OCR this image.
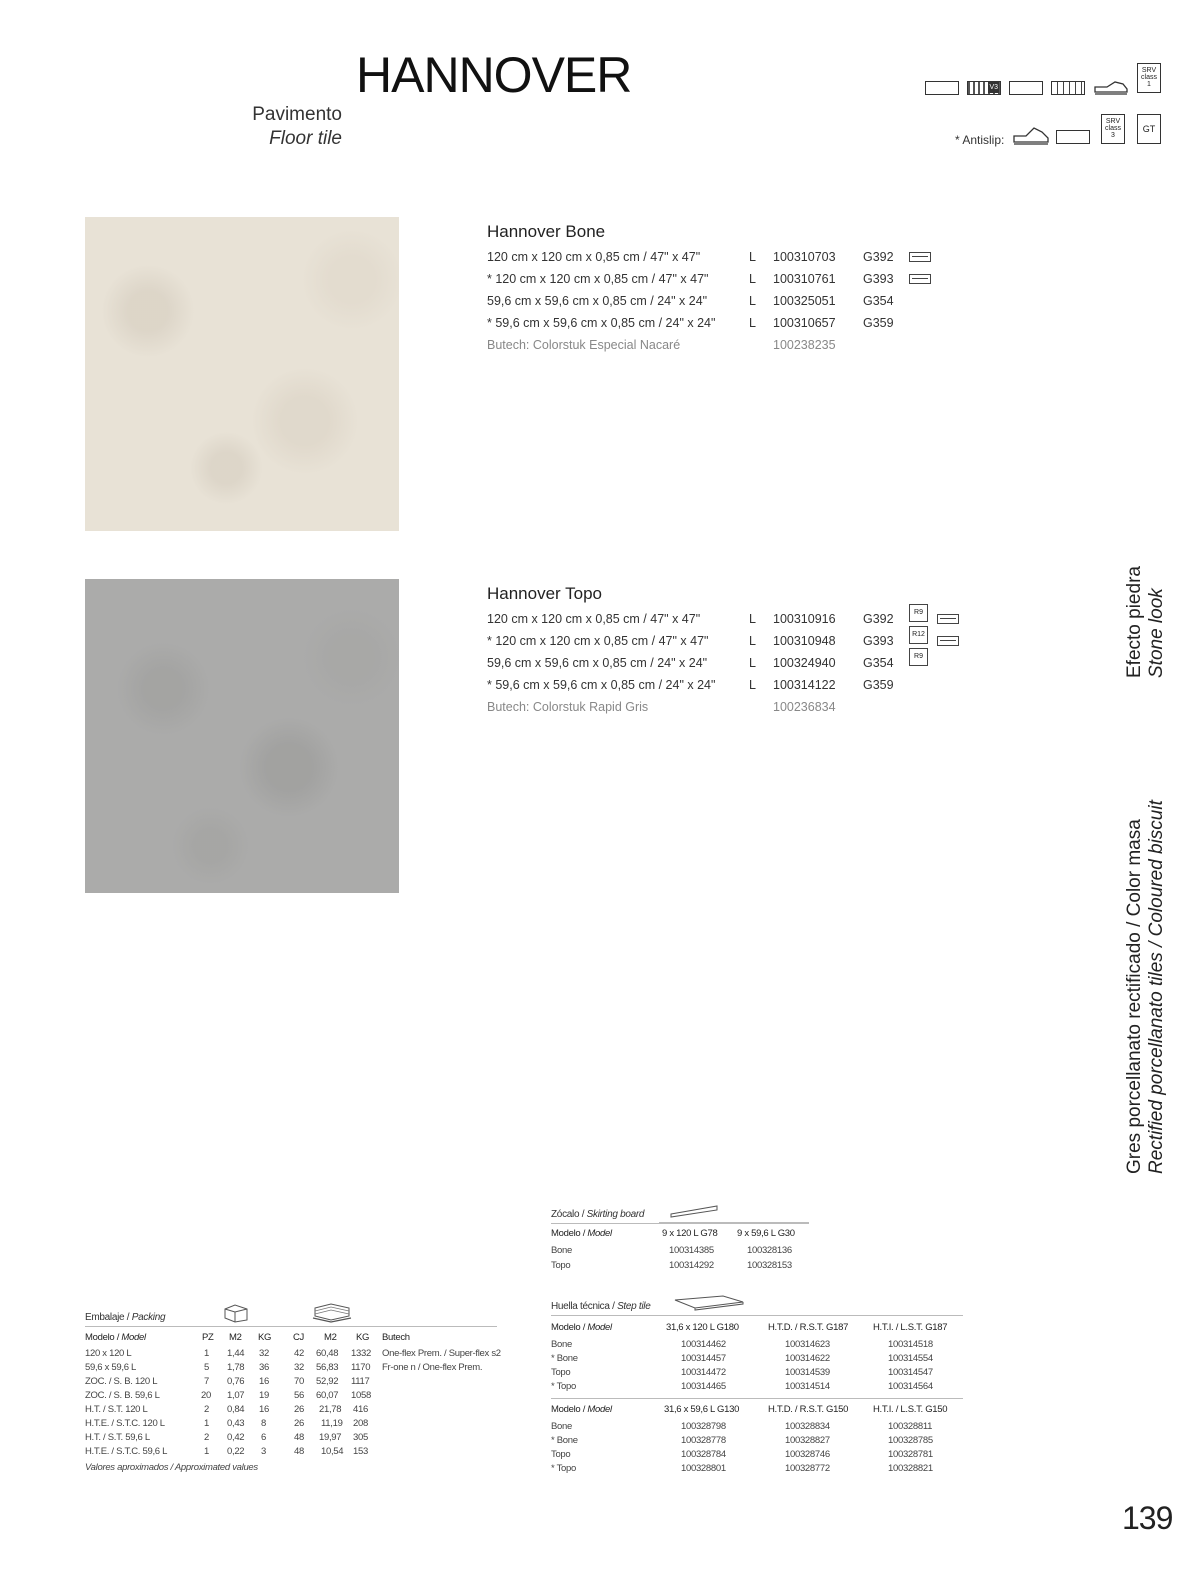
HANNOVER
Pavimento
Floor tile
V3
SRV
class
1
* Antislip:
SRV
class
3
GT
Hannover Bone
120 cm x 120 cm x 0,85 cm / 47" x 47"	L 100310703 G392
* 120 cm x 120 cm x 0,85 cm / 47" x 47"	L 100310761 G393
59,6 cm x 59,6 cm x 0,85 cm / 24" x 24"	L 100325051 G354
* 59,6 cm x 59,6 cm x 0,85 cm / 24" x 24"	L 100310657 G359
Butech: Colorstuk Especial Nacaré	100238235
Hannover Topo
120 cm x 120 cm x 0,85 cm / 47" x 47"	L 100310916 G392
* 120 cm x 120 cm x 0,85 cm / 47" x 47"	L 100310948 G393
59,6 cm x 59,6 cm x 0,85 cm / 24" x 24"	L 100324940 G354
* 59,6 cm x 59,6 cm x 0,85 cm / 24" x 24"	L 100314122 G359
Butech: Colorstuk Rapid Gris	100236834
R9
R12
R9	Efecto piedra Stone look
Gres porcellanato rectificado / Color masa Rectified porcellanato tiles / Coloured biscuit
Zócalo / Skirting board
Modelo / Model	9 x 120 L G78 9 x 59,6 L G30
Bone	100314385	100328136
Topo	100314292	100328153
Embalaje / Packing
Modelo / Model	PZ M2 KG CJ M2 KG Butech
120 x 120 L	1 1,44 32	42 60,48 1332 One-flex Prem. / Super-flex s2
59,6 x 59,6 L	5 1,78 36	32 56,83 1170 Fr-one n / One-flex Prem.
ZOC. / S. B. 120 L	7 0,76 16	70 52,92 1117
ZOC. / S. B. 59,6 L	20 1,07 19	56 60,07 1058
H.T. / S.T. 120 L	2 0,84 16	26 21,78 416
H.T.E. / S.T.C. 120 L	1 0,43 8	26 11,19 208
H.T. / S.T. 59,6 L	2 0,42 6	48 19,97 305
H.T.E. / S.T.C. 59,6 L	1 0,22 3	48 10,54 153
Valores aproximados / Approximated values
Huella técnica / Step tile
Modelo / Model	31,6 x 120 L G180	H.T.D. / R.S.T. G187	H.T.I. / L.S.T. G187
Bone	100314462	100314623	100314518
* Bone	100314457	100314622	100314554
Topo	100314472	100314539	100314547
* Topo	100314465	100314514	100314564
Modelo / Model	31,6 x 59,6 L G130	H.T.D. / R.S.T. G150	H.T.I. / L.S.T. G150
Bone	100328798	100328834	100328811
* Bone	100328778	100328827	100328785
Topo	100328784	100328746	100328781
* Topo	100328801	100328772	100328821
139
